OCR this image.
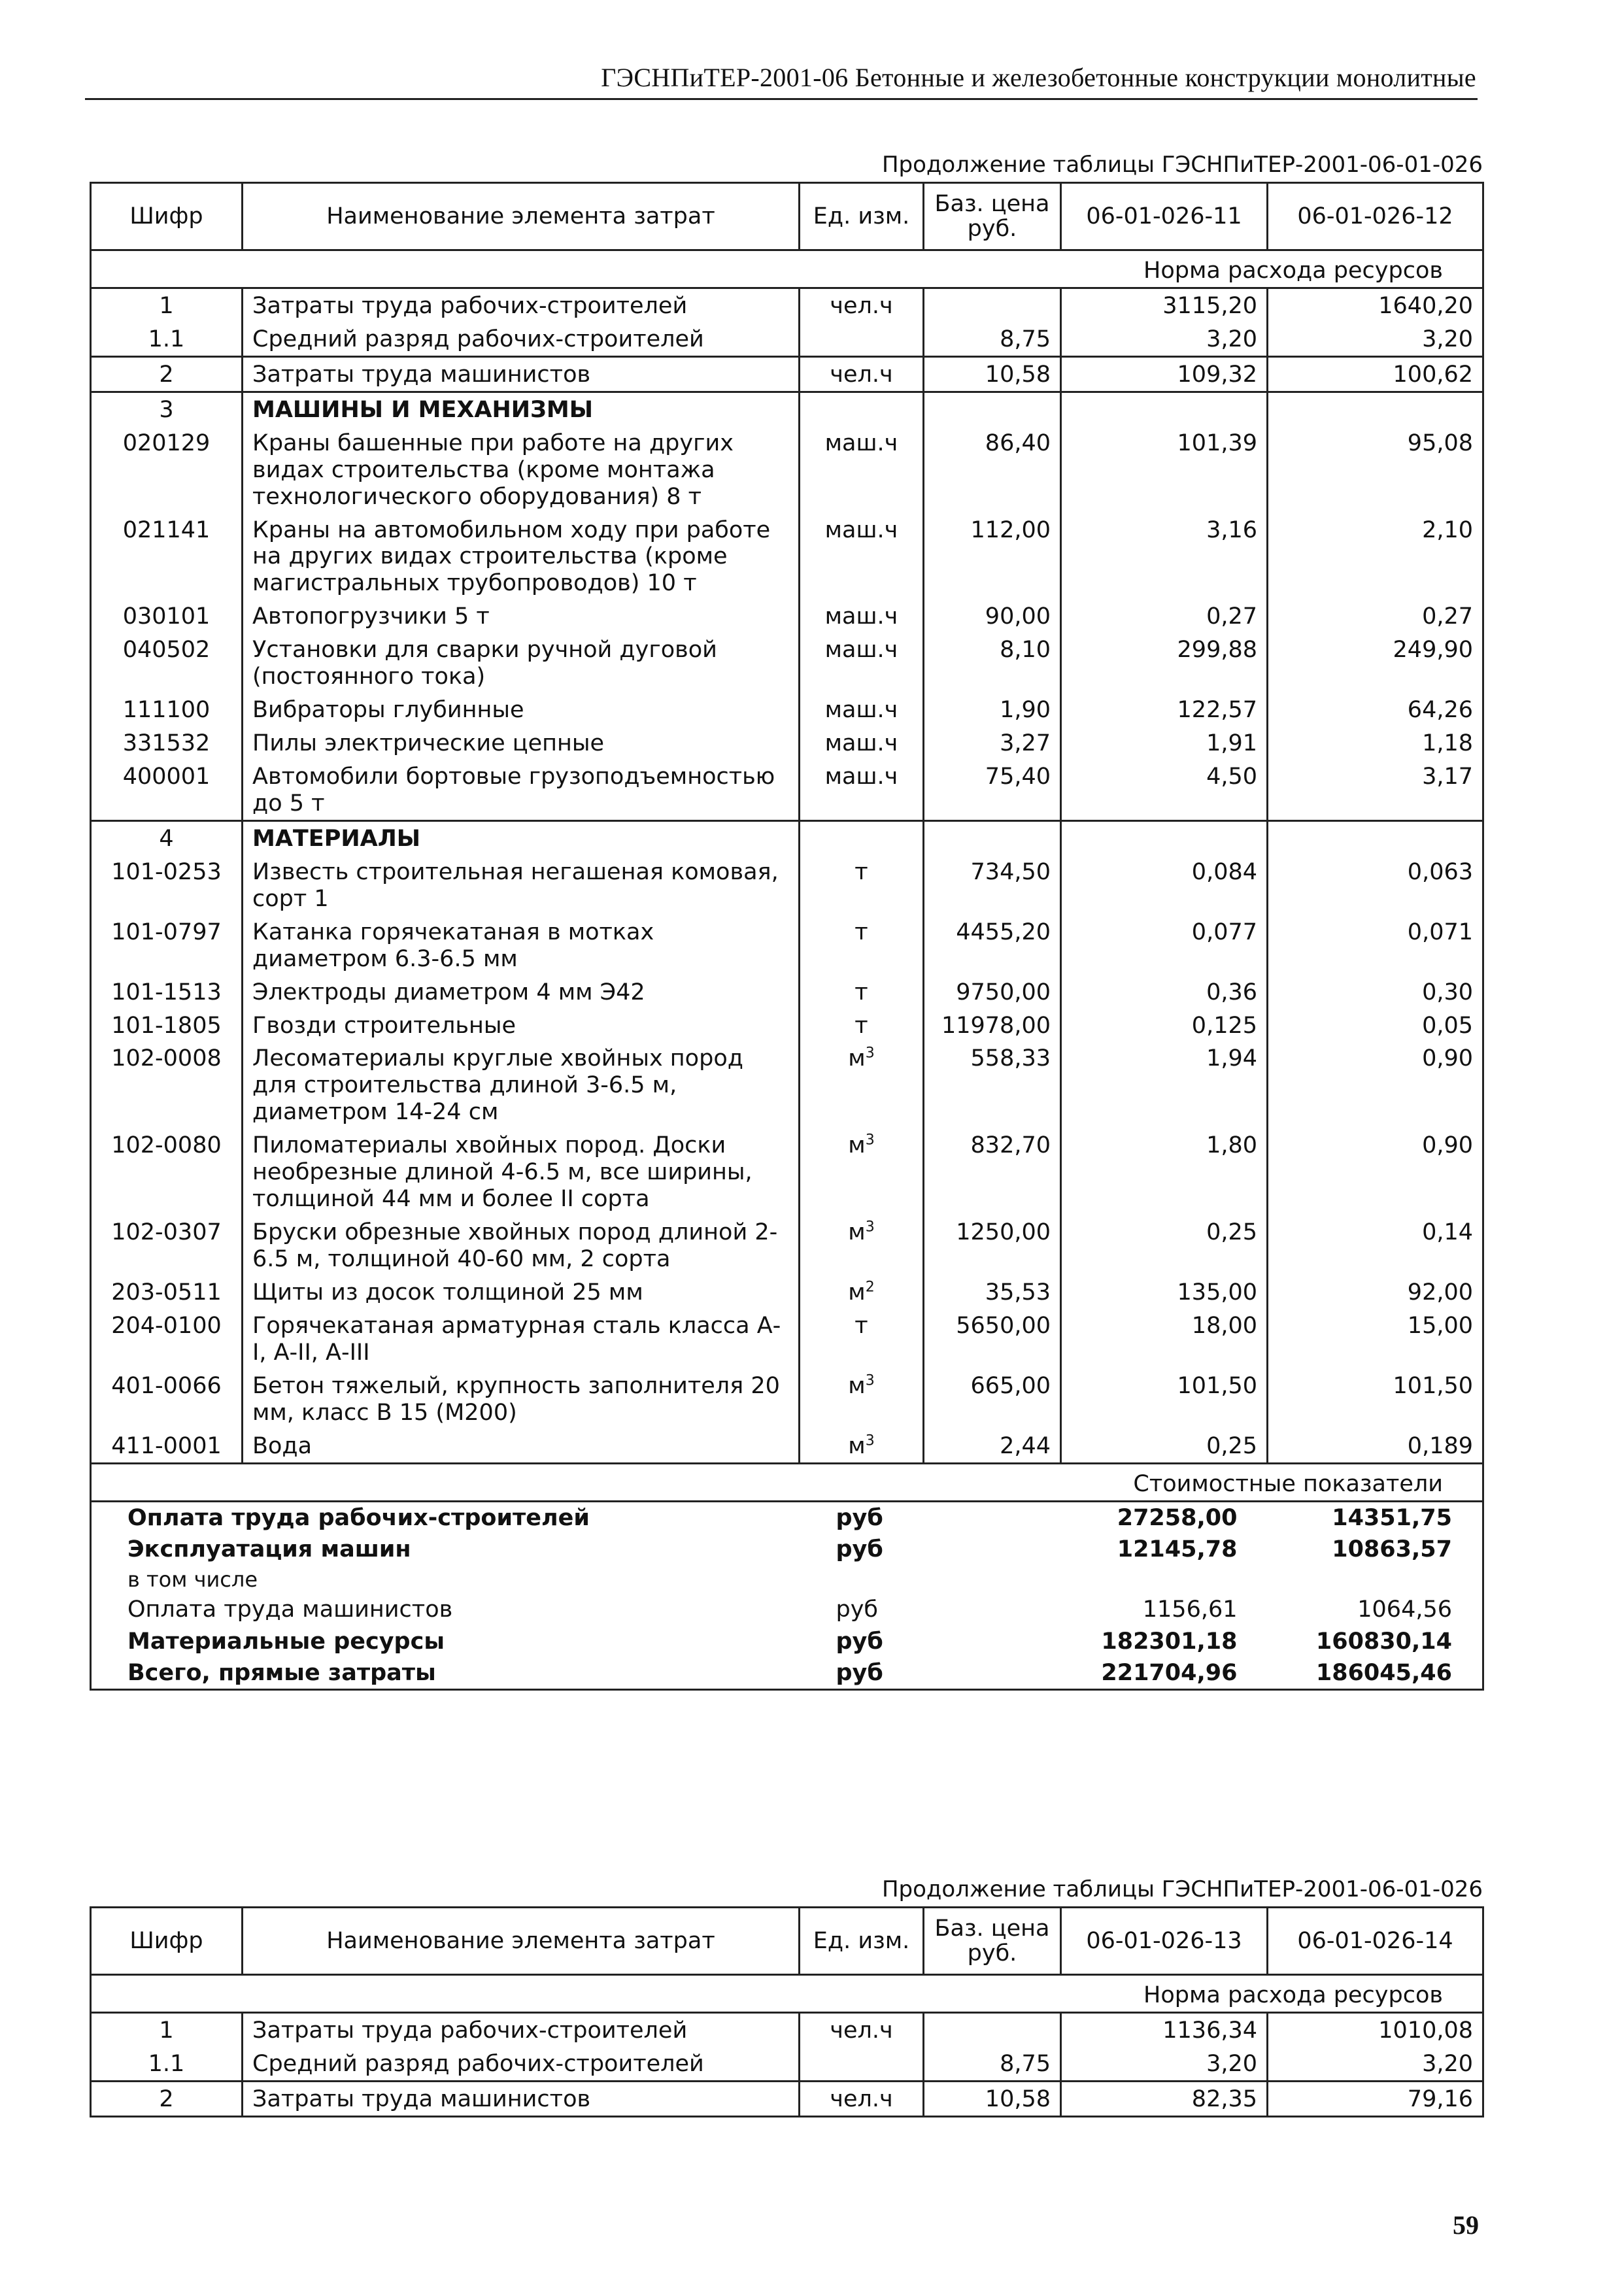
ГЭСНПиТЕР-2001-06 Бетонные и железобетонные конструкции монолитные
Продолжение таблицы ГЭСНПиТЕР-2001-06-01-026
Шифр	Наименование элемента затрат	Ед. изм.	Баз. цена руб.	06-01-026-11	06-01-026-12
Норма расхода ресурсов					
1	Затраты труда рабочих-строителей	чел.ч		3115,20	1640,20
1.1	Средний разряд рабочих-строителей		8,75	3,20	3,20
2	Затраты труда машинистов	чел.ч	10,58	109,32	100,62
3	МАШИНЫ И МЕХАНИЗМЫ				
020129	Краны башенные при работе на других видах строительства (кроме монтажа технологического оборудования) 8 т	маш.ч	86,40	101,39	95,08
021141	Краны на автомобильном ходу при работе на других видах строительства (кроме магистральных трубопроводов) 10 т	маш.ч	112,00	3,16	2,10
030101	Автопогрузчики 5 т	маш.ч	90,00	0,27	0,27
040502	Установки для сварки ручной дуговой (постоянного тока)	маш.ч	8,10	299,88	249,90
111100	Вибраторы глубинные	маш.ч	1,90	122,57	64,26
331532	Пилы электрические цепные	маш.ч	3,27	1,91	1,18
400001	Автомобили бортовые грузоподъемностью до 5 т	маш.ч	75,40	4,50	3,17
4	МАТЕРИАЛЫ				
101-0253	Известь строительная негашеная комовая, сорт 1	т	734,50	0,084	0,063
101-0797	Катанка горячекатаная в мотках диаметром 6.3-6.5 мм	т	4455,20	0,077	0,071
101-1513	Электроды диаметром 4 мм Э42	т	9750,00	0,36	0,30
101-1805	Гвозди строительные	т	11978,00	0,125	0,05
102-0008	Лесоматериалы круглые хвойных пород для строительства длиной 3-6.5 м, диаметром 14-24 см	$м^3$	558,33	1,94	0,90
102-0080	Пиломатериалы хвойных пород. Доски необрезные длиной 4-6.5 м, все ширины, толщиной 44 мм и более II сорта	$м^3$	832,70	1,80	0,90
102-0307	Бруски обрезные хвойных пород длиной 2-6.5 м, толщиной 40-60 мм, 2 сорта	$м^3$	1250,00	0,25	0,14
203-0511	Щиты из досок толщиной 25 мм	$м^2$	35,53	135,00	92,00
204-0100	Горячекатаная арматурная сталь класса А-I, А-II, А-III	т	5650,00	18,00	15,00
401-0066	Бетон тяжелый, крупность заполнителя 20 мм, класс В 15 (М200)	$м^3$	665,00	101,50	101,50
411-0001	Вода	$м^3$	2,44	0,25	0,189
Стоимостные показатели					
Оплата труда рабочих-строителей		руб		27258,00	14351,75
Эксплуатация машин		руб		12145,78	10863,57
в том числе					
Оплата труда машинистов		руб		1156,61	1064,56
Материальные ресурсы		руб		182301,18	160830,14
Всего, прямые затраты		руб		221704,96	186045,46
Продолжение таблицы ГЭСНПиТЕР-2001-06-01-026
Шифр	Наименование элемента затрат	Ед. изм.	Баз. цена руб.	06-01-026-13	06-01-026-14
Норма расхода ресурсов					
1	Затраты труда рабочих-строителей	чел.ч		1136,34	1010,08
1.1	Средний разряд рабочих-строителей		8,75	3,20	3,20
2	Затраты труда машинистов	чел.ч	10,58	82,35	79,16
59
